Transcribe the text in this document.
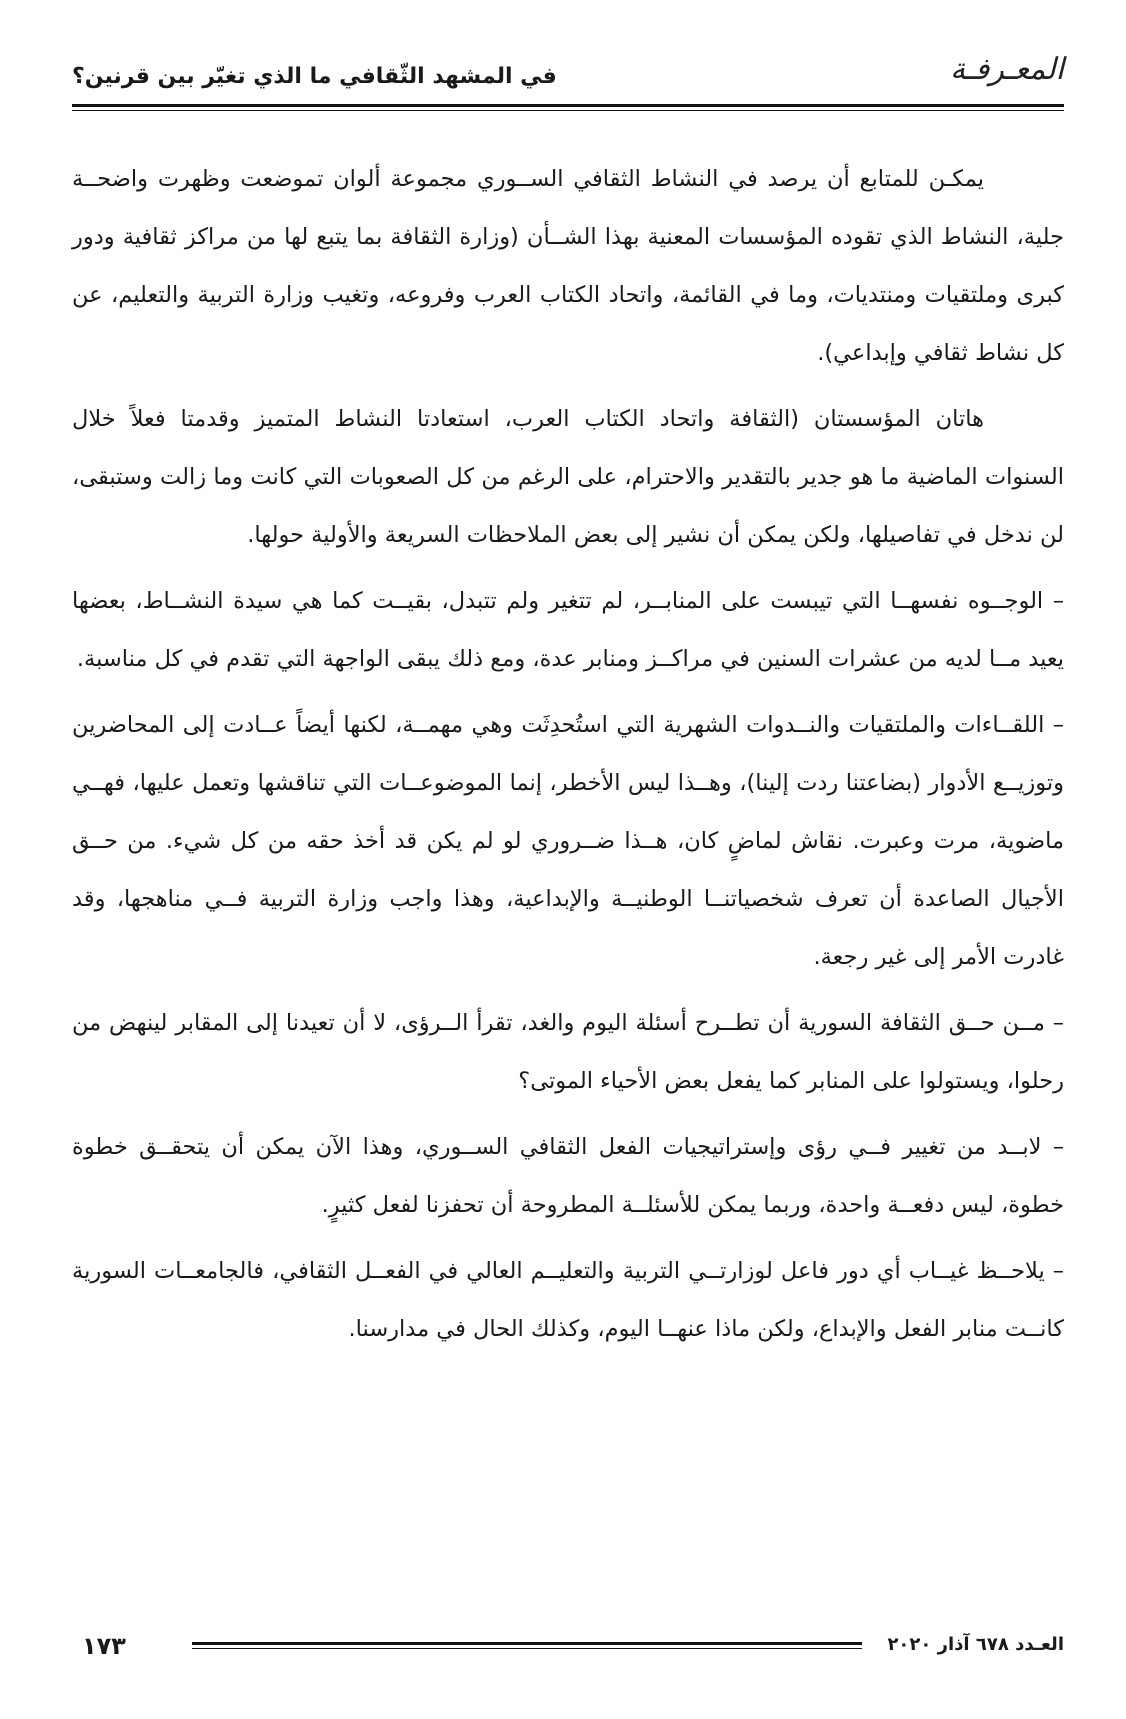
في المشهد الثّقافي ما الذي تغيّر بين قرنين؟	المعـرفـة

يمكـن للمتابع أن يرصد في النشاط الثقافي الســوري مجموعة ألوان تموضعت وظهرت واضحــة جلية، النشاط الذي تقوده المؤسسات المعنية بهذا الشــأن (وزارة الثقافة بما يتبع لها من مراكز ثقافية ودور كبرى وملتقيات ومنتديات، وما في القائمة، واتحاد الكتاب العرب وفروعه، وتغيب وزارة التربية والتعليم، عن كل نشاط ثقافي وإبداعي).

هاتان المؤسستان (الثقافة واتحاد الكتاب العرب، استعادتا النشاط المتميز وقدمتا فعلاً خلال السنوات الماضية ما هو جدير بالتقدير والاحترام، على الرغم من كل الصعوبات التي كانت وما زالت وستبقى، لن ندخل في تفاصيلها، ولكن يمكن أن نشير إلى بعض الملاحظات السريعة والأولية حولها.

– الوجــوه نفسهــا التي تيبست على المنابــر، لم تتغير ولم تتبدل، بقيــت كما هي سيدة النشــاط، بعضها يعيد مــا لديه من عشرات السنين في مراكــز ومنابر عدة، ومع ذلك يبقى الواجهة التي تقدم في كل مناسبة.

– اللقــاءات والملتقيات والنــدوات الشهرية التي استُحدِثَت وهي مهمــة، لكنها أيضاً عــادت إلى المحاضرين وتوزيــع الأدوار (بضاعتنا ردت إلينا)، وهــذا ليس الأخطر، إنما الموضوعــات التي تناقشها وتعمل عليها، فهــي ماضوية، مرت وعبرت. نقاش لماضٍ كان، هــذا ضــروري لو لم يكن قد أخذ حقه من كل شيء. من حــق الأجيال الصاعدة أن تعرف شخصياتنــا الوطنيــة والإبداعية، وهذا واجب وزارة التربية فــي مناهجها، وقد غادرت الأمر إلى غير رجعة.

– مــن حــق الثقافة السورية أن تطــرح أسئلة اليوم والغد، تقرأ الــرؤى، لا أن تعيدنا إلى المقابر لينهض من رحلوا، ويستولوا على المنابر كما يفعل بعض الأحياء الموتى؟

– لابــد من تغيير فــي رؤى وإستراتيجيات الفعل الثقافي الســوري، وهذا الآن يمكن أن يتحقــق خطوة خطوة، ليس دفعــة واحدة، وربما يمكن للأسئلــة المطروحة أن تحفزنا لفعل كثيرٍ.

– يلاحــظ غيــاب أي دور فاعل لوزارتــي التربية والتعليــم العالي في الفعــل الثقافي، فالجامعــات السورية كانــت منابر الفعل والإبداع، ولكن ماذا عنهــا اليوم، وكذلك الحال في مدارسنا.

١٧٣	العـدد ٦٧٨ آذار ٢٠٢٠
